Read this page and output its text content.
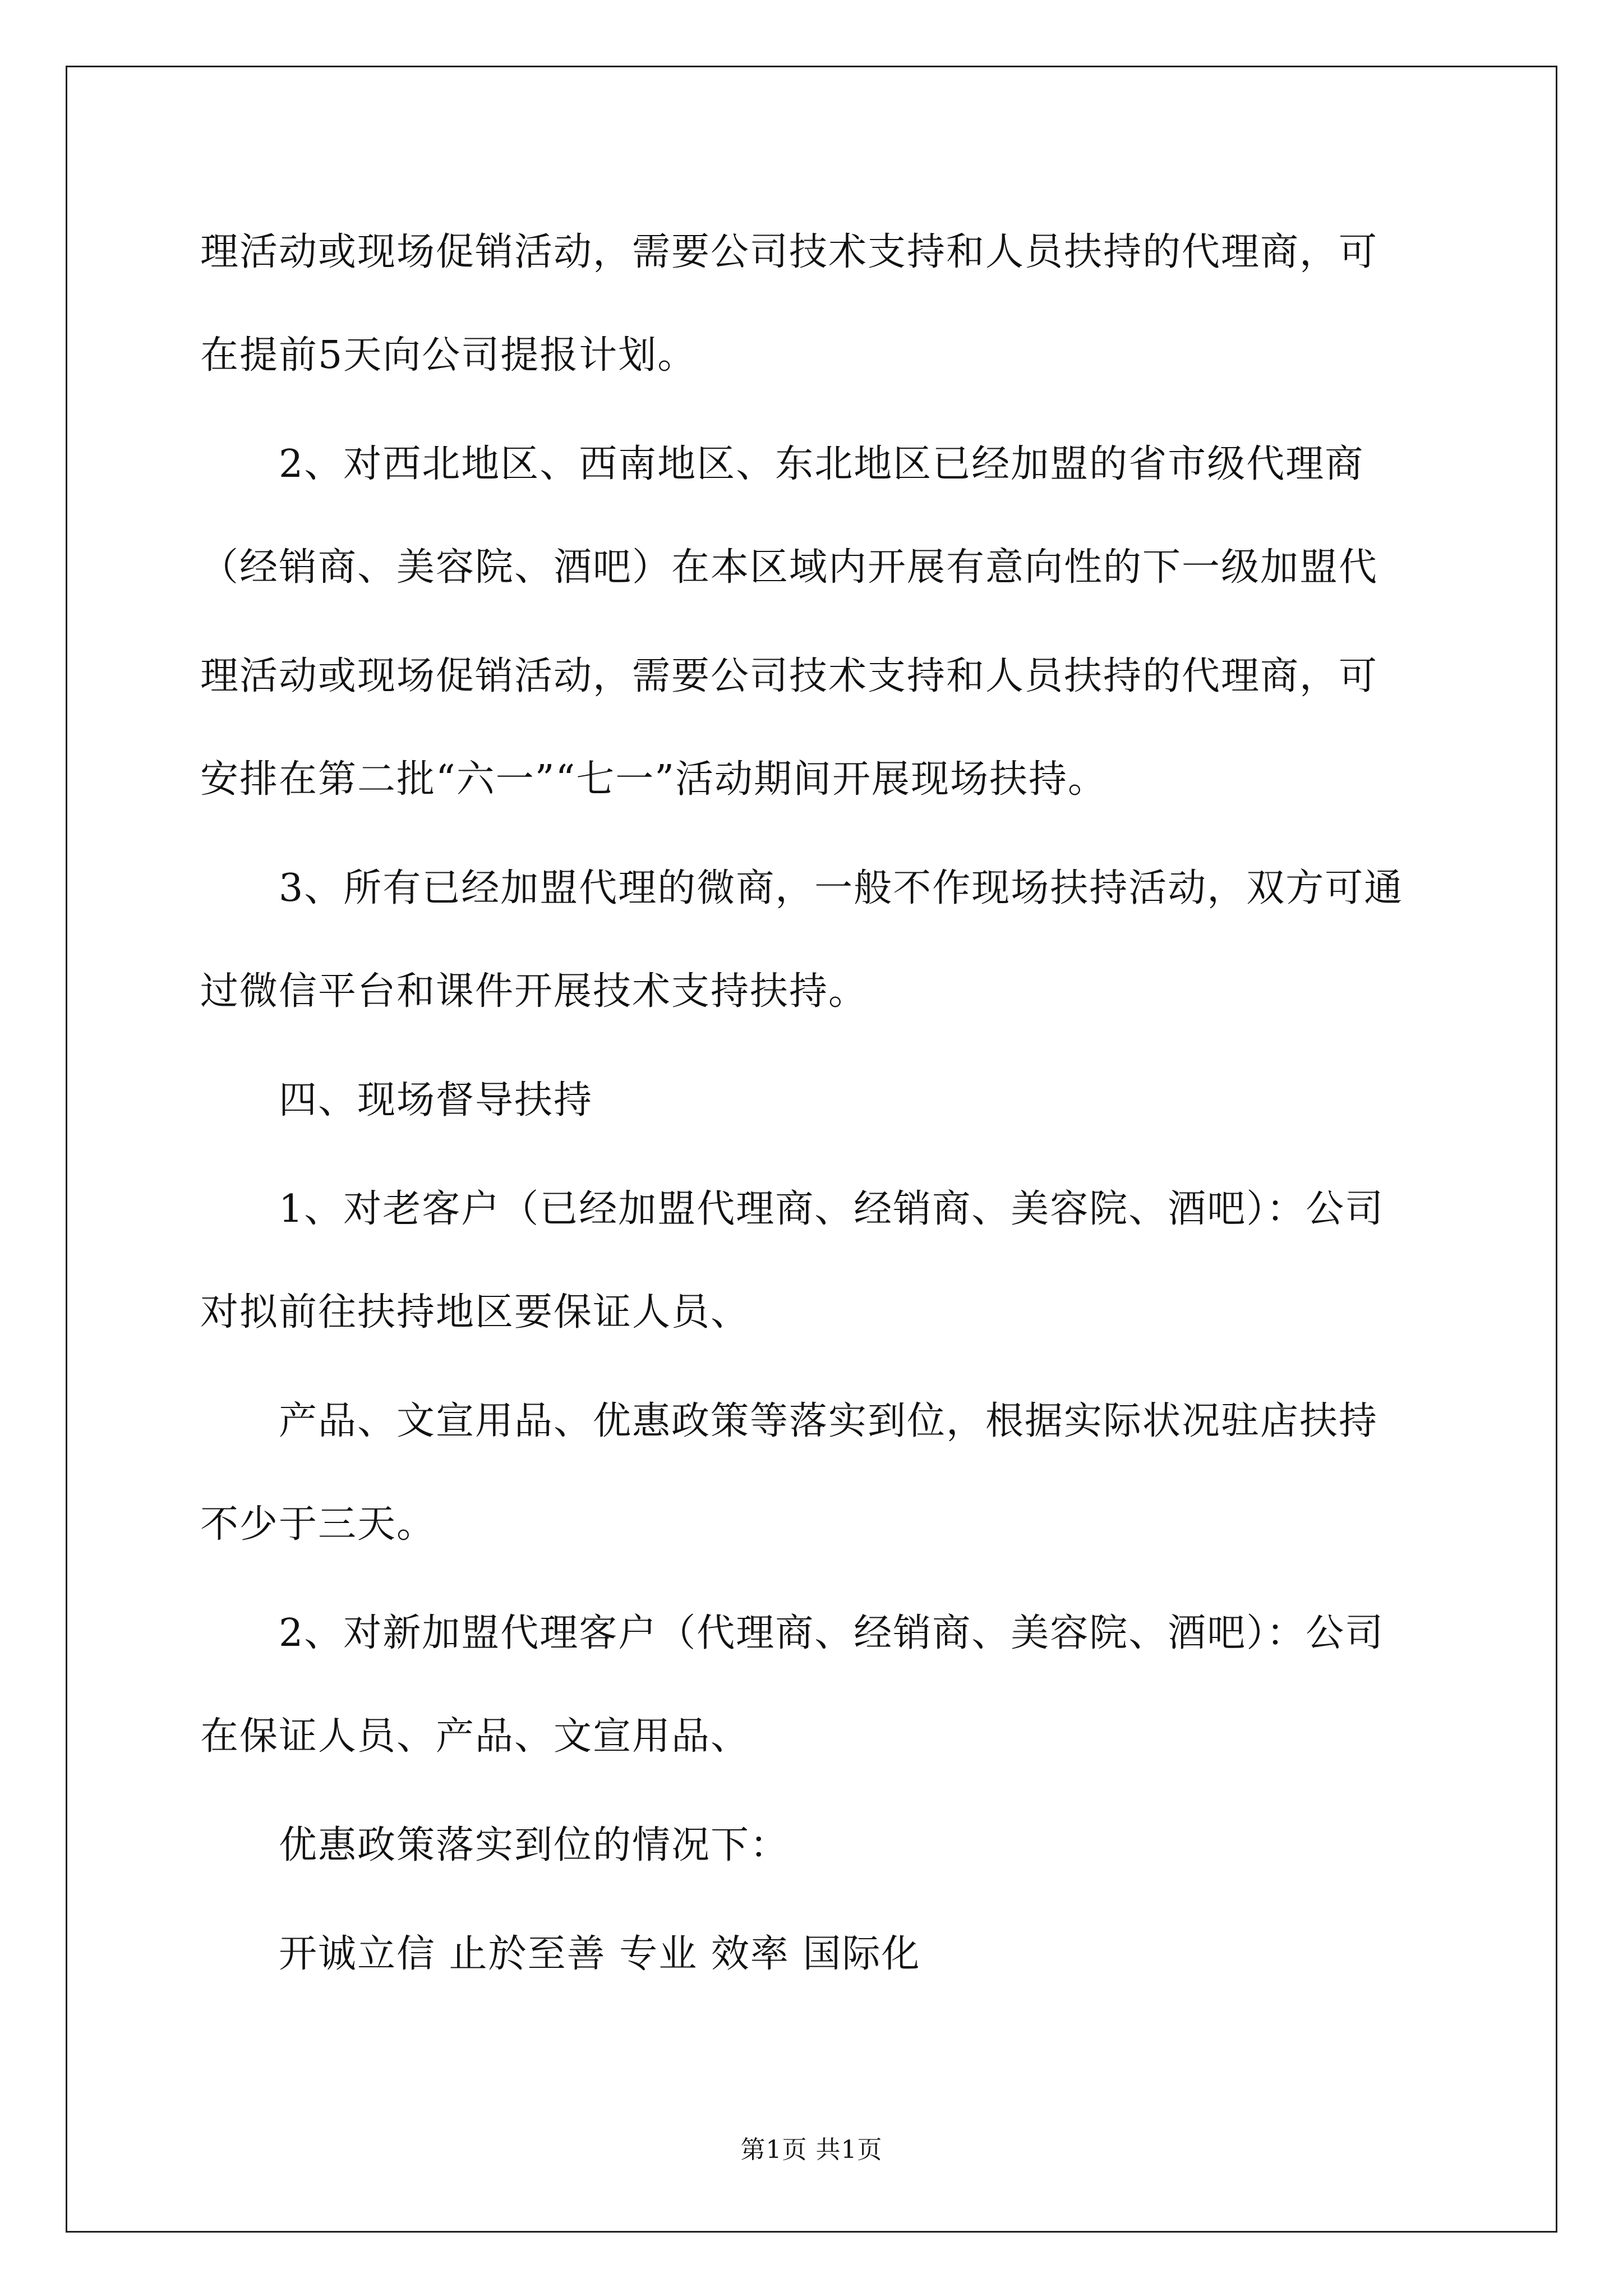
理活动或现场促销活动，需要公司技术支持和人员扶持的代理商，可
在提前5天向公司提报计划。
2、对西北地区、西南地区、东北地区已经加盟的省市级代理商
（经销商、美容院、酒吧）在本区域内开展有意向性的下一级加盟代
理活动或现场促销活动，需要公司技术支持和人员扶持的代理商，可
安排在第二批“六一”“七一”活动期间开展现场扶持。
3、所有已经加盟代理的微商，一般不作现场扶持活动，双方可通
过微信平台和课件开展技术支持扶持。
四、现场督导扶持
1、对老客户（已经加盟代理商、经销商、美容院、酒吧）：公司
对拟前往扶持地区要保证人员、
产品、文宣用品、优惠政策等落实到位，根据实际状况驻店扶持
不少于三天。
2、对新加盟代理客户（代理商、经销商、美容院、酒吧）：公司
在保证人员、产品、文宣用品、
优惠政策落实到位的情况下：
开诚立信 止於至善 专业 效率 国际化
第1页 共1页
